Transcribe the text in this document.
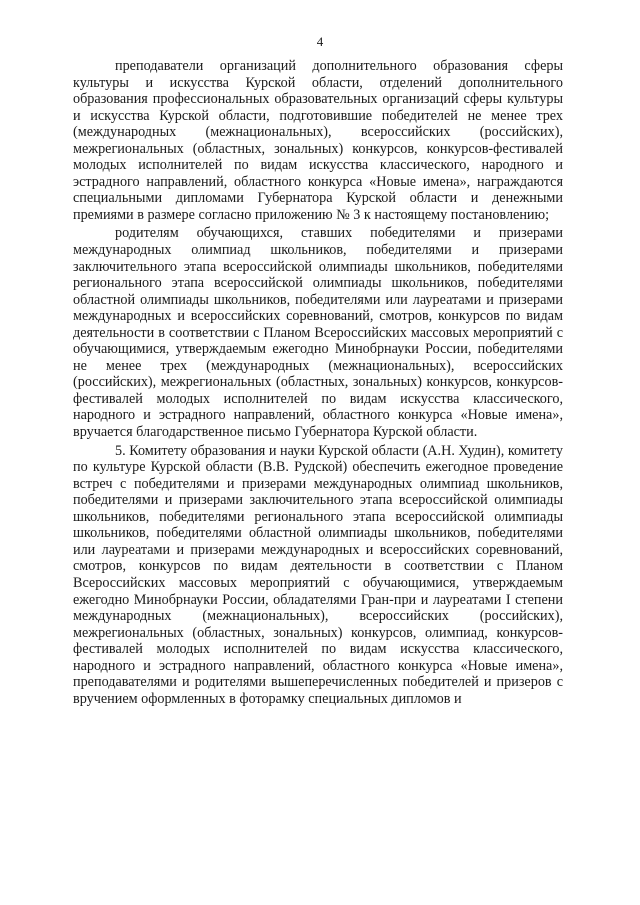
4

преподаватели организаций дополнительного образования сферы культуры и искусства Курской области, отделений дополнительного образования профессиональных образовательных организаций сферы культуры и искусства Курской области, подготовившие победителей не менее трех (международных (межнациональных), всероссийских (российских), межрегиональных (областных, зональных) конкурсов, конкурсов-фестивалей молодых исполнителей по видам искусства классического, народного и эстрадного направлений, областного конкурса «Новые имена», награждаются специальными дипломами Губернатора Курской области и денежными премиями в размере согласно приложению № 3 к настоящему постановлению;

родителям обучающихся, ставших победителями и призерами международных олимпиад школьников, победителями и призерами заключительного этапа всероссийской олимпиады школьников, победителями регионального этапа всероссийской олимпиады школьников, победителями областной олимпиады школьников, победителями или лауреатами и призерами международных и всероссийских соревнований, смотров, конкурсов по видам деятельности в соответствии с Планом Всероссийских массовых мероприятий с обучающимися, утверждаемым ежегодно Минобрнауки России, победителями не менее трех (международных (межнациональных), всероссийских (российских), межрегиональных (областных, зональных) конкурсов, конкурсов-фестивалей молодых исполнителей по видам искусства классического, народного и эстрадного направлений, областного конкурса «Новые имена», вручается благодарственное письмо Губернатора Курской области.

5. Комитету образования и науки Курской области (А.Н. Худин), комитету по культуре Курской области (В.В. Рудской) обеспечить ежегодное проведение встреч с победителями и призерами международных олимпиад школьников, победителями и призерами заключительного этапа всероссийской олимпиады школьников, победителями регионального этапа всероссийской олимпиады школьников, победителями областной олимпиады школьников, победителями или лауреатами и призерами международных и всероссийских соревнований, смотров, конкурсов по видам деятельности в соответствии с Планом Всероссийских массовых мероприятий с обучающимися, утверждаемым ежегодно Минобрнауки России, обладателями Гран-при и лауреатами I степени международных (межнациональных), всероссийских (российских), межрегиональных (областных, зональных) конкурсов, олимпиад, конкурсов-фестивалей молодых исполнителей по видам искусства классического, народного и эстрадного направлений, областного конкурса «Новые имена», преподавателями и родителями вышеперечисленных победителей и призеров с вручением оформленных в фоторамку специальных дипломов и
